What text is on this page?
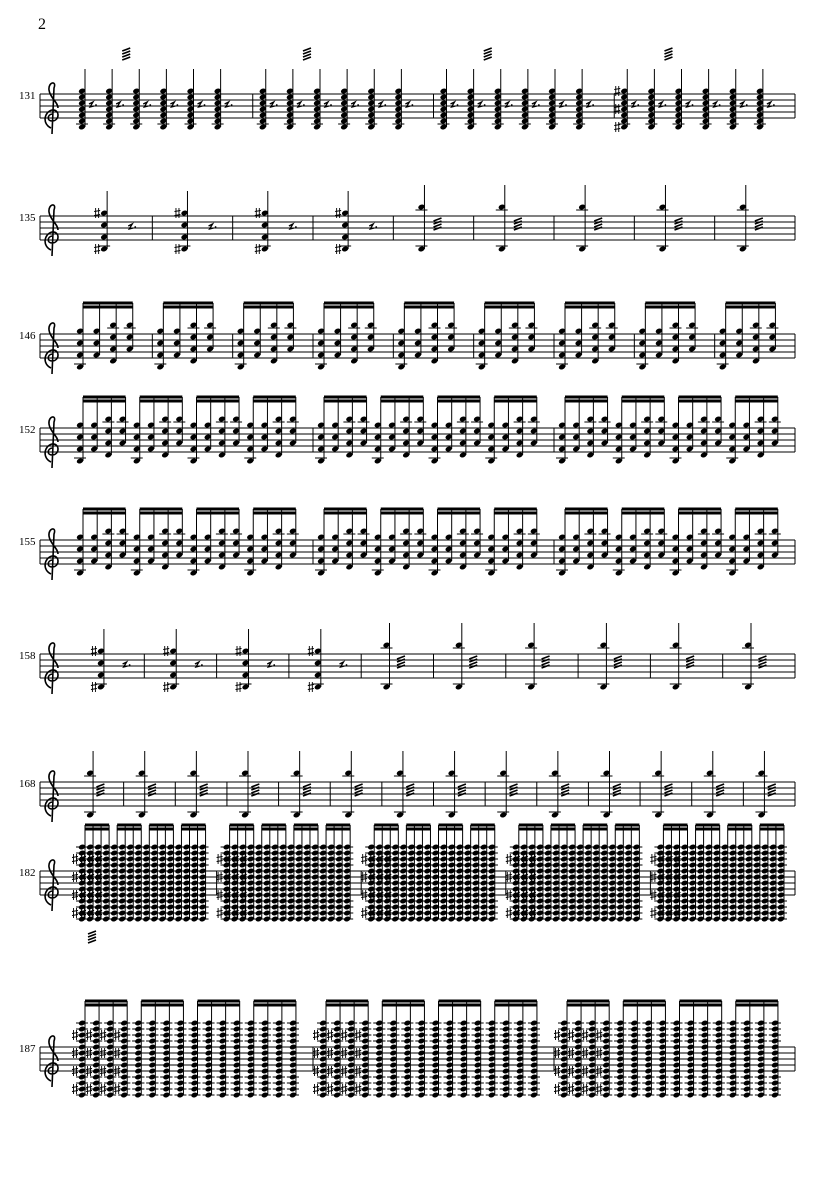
2
131
135
146
152
155
158
168
182
187
